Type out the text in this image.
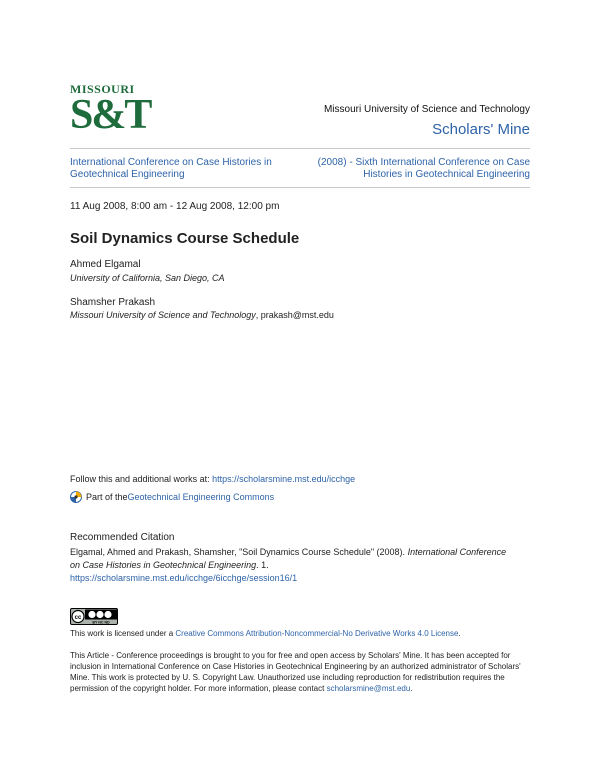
MISSOURI
S&T	Missouri University of Science and Technology
Scholars' Mine
International Conference on Case Histories in Geotechnical Engineering
(2008) - Sixth International Conference on Case Histories in Geotechnical Engineering
11 Aug 2008, 8:00 am - 12 Aug 2008, 12:00 pm
Soil Dynamics Course Schedule
Ahmed Elgamal
University of California, San Diego, CA
Shamsher Prakash
Missouri University of Science and Technology, prakash@mst.edu
Follow this and additional works at: https://scholarsmine.mst.edu/icchge
Part of the Geotechnical Engineering Commons
Recommended Citation
Elgamal, Ahmed and Prakash, Shamsher, "Soil Dynamics Course Schedule" (2008). International Conference on Case Histories in Geotechnical Engineering. 1.
https://scholarsmine.mst.edu/icchge/6icchge/session16/1
cc
BY NC ND
This work is licensed under a Creative Commons Attribution-Noncommercial-No Derivative Works 4.0 License.
This Article - Conference proceedings is brought to you for free and open access by Scholars' Mine. It has been accepted for inclusion in International Conference on Case Histories in Geotechnical Engineering by an authorized administrator of Scholars' Mine. This work is protected by U. S. Copyright Law. Unauthorized use including reproduction for redistribution requires the permission of the copyright holder. For more information, please contact scholarsmine@mst.edu.
